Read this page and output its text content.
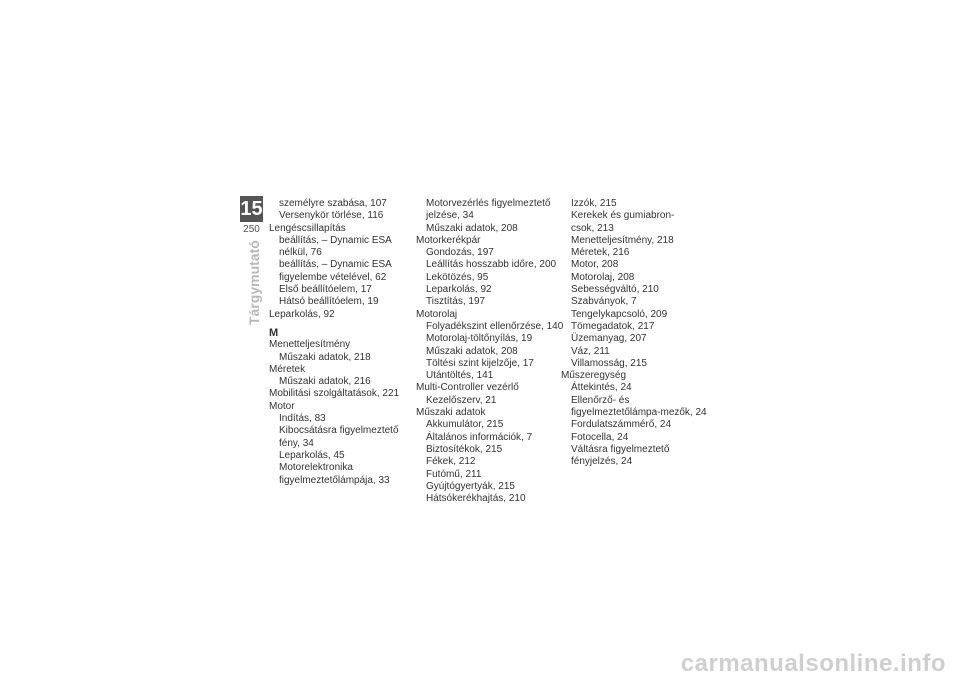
15
250
Tárgymutató
személyre szabása, 107
Versenykör törlése, 116
Lengéscsillapítás
beállítás, – Dynamic ESA
nélkül, 76
beállítás, – Dynamic ESA
figyelembe vételével, 62
Első beállítóelem, 17
Hátsó beállítóelem, 19
Leparkolás, 92
M
Menetteljesítmény
Műszaki adatok, 218
Méretek
Műszaki adatok, 216
Mobilitási szolgáltatások, 221
Motor
Indítás, 83
Kibocsátásra figyelmeztető
fény, 34
Leparkolás, 45
Motorelektronika
figyelmeztetőlámpája, 33
Motorvezérlés figyelmeztető
jelzése, 34
Műszaki adatok, 208
Motorkerékpár
Gondozás, 197
Leállítás hosszabb időre, 200
Lekötözés, 95
Leparkolás, 92
Tisztítás, 197
Motorolaj
Folyadékszint ellenőrzése, 140
Motorolaj-töltőnyílás, 19
Műszaki adatok, 208
Töltési szint kijelzője, 17
Utántöltés, 141
Multi-Controller vezérlő
Kezelőszerv, 21
Műszaki adatok
Akkumulátor, 215
Általános információk, 7
Biztosítékok, 215
Fékek, 212
Futómű, 211
Gyújtógyertyák, 215
Hátsókerékhajtás, 210
Izzók, 215
Kerekek és gumiabron-
csok, 213
Menetteljesítmény, 218
Méretek, 216
Motor, 208
Motorolaj, 208
Sebességváltó, 210
Szabványok, 7
Tengelykapcsoló, 209
Tömegadatok, 217
Üzemanyag, 207
Váz, 211
Villamosság, 215
Műszeregység
Áttekintés, 24
Ellenőrző- és
figyelmeztetőlámpa-mezők, 24
Fordulatszámmérő, 24
Fotocella, 24
Váltásra figyelmeztető
fényjelzés, 24
carmanualsonline.info
